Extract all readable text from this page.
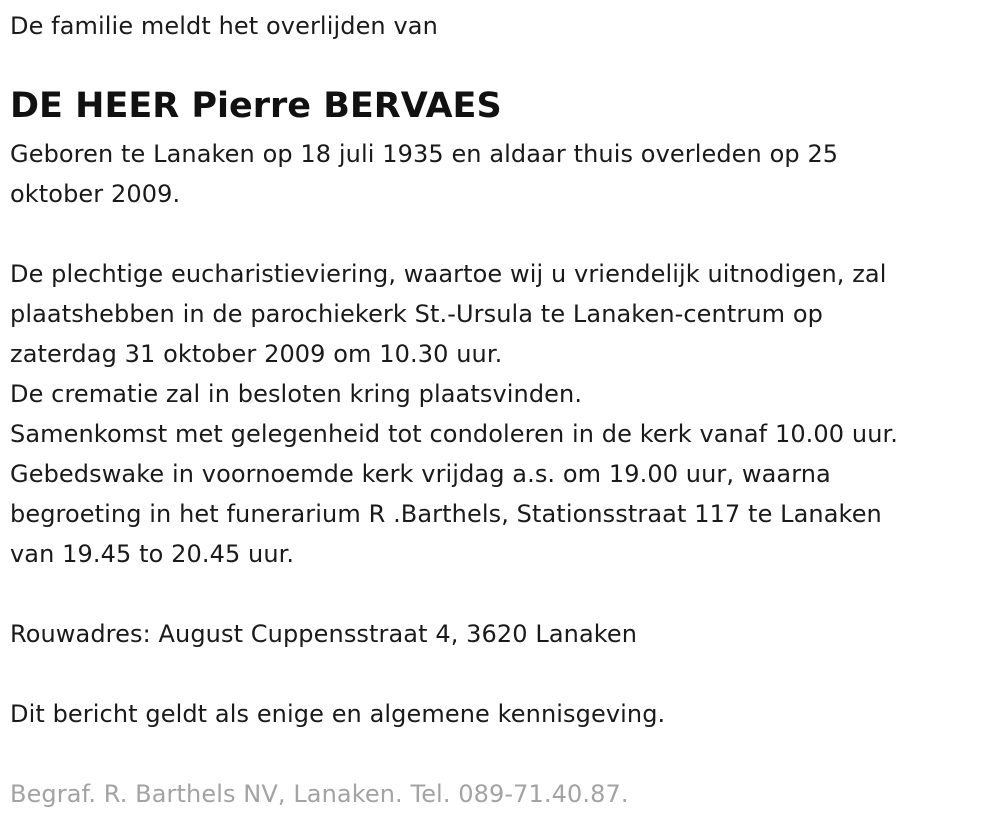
De familie meldt het overlijden van
DE HEER Pierre BERVAES
Geboren te Lanaken op 18 juli 1935 en aldaar thuis overleden op 25
oktober 2009.
De plechtige eucharistieviering, waartoe wij u vriendelijk uitnodigen, zal
plaatshebben in de parochiekerk St.-Ursula te Lanaken-centrum op
zaterdag 31 oktober 2009 om 10.30 uur.
De crematie zal in besloten kring plaatsvinden.
Samenkomst met gelegenheid tot condoleren in de kerk vanaf 10.00 uur.
Gebedswake in voornoemde kerk vrijdag a.s. om 19.00 uur, waarna
begroeting in het funerarium R .Barthels, Stationsstraat 117 te Lanaken
van 19.45 to 20.45 uur.
Rouwadres: August Cuppensstraat 4, 3620 Lanaken
Dit bericht geldt als enige en algemene kennisgeving.
Begraf. R. Barthels NV, Lanaken. Tel. 089-71.40.87.
